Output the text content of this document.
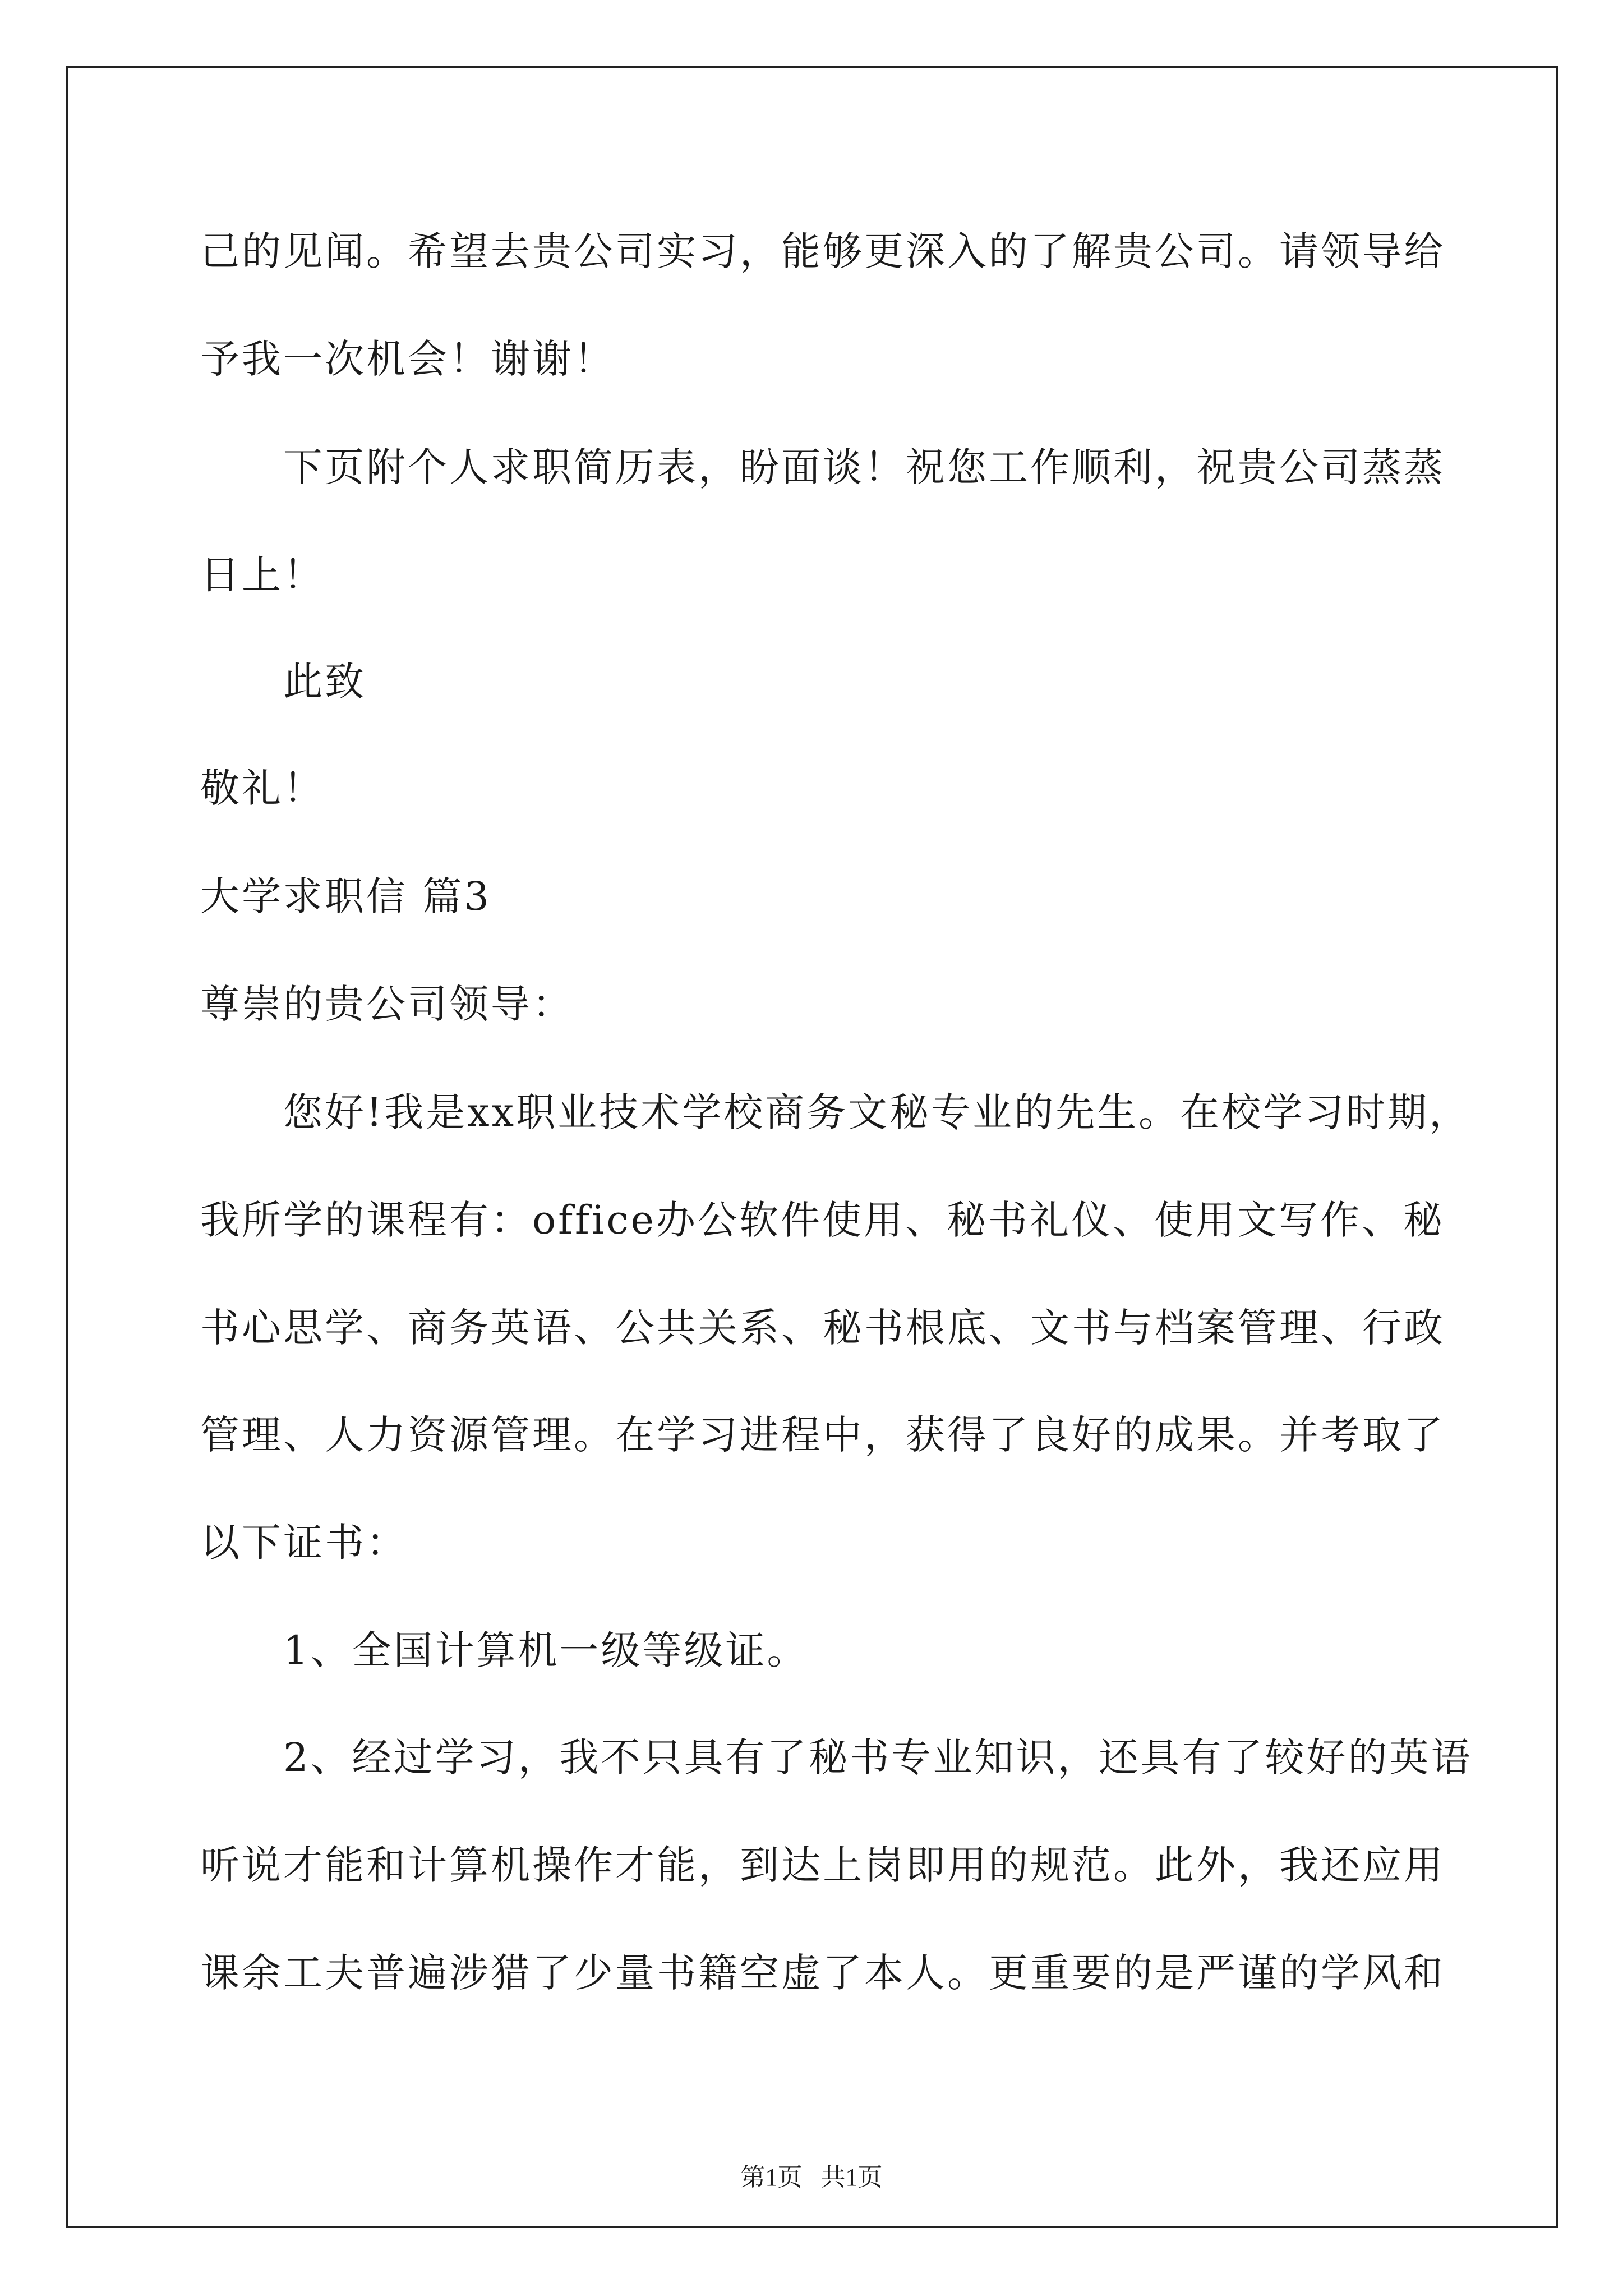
己的见闻。希望去贵公司实习，能够更深入的了解贵公司。请领导给
予我一次机会！谢谢！
下页附个人求职简历表，盼面谈！祝您工作顺利，祝贵公司蒸蒸
日上！
此致
敬礼！
大学求职信 篇3
尊崇的贵公司领导：
您好!我是xx职业技术学校商务文秘专业的先生。在校学习时期，
我所学的课程有：office办公软件使用、秘书礼仪、使用文写作、秘
书心思学、商务英语、公共关系、秘书根底、文书与档案管理、行政
管理、人力资源管理。在学习进程中，获得了良好的成果。并考取了
以下证书：
1、全国计算机一级等级证。
2、经过学习，我不只具有了秘书专业知识，还具有了较好的英语
听说才能和计算机操作才能，到达上岗即用的规范。此外，我还应用
课余工夫普遍涉猎了少量书籍空虚了本人。更重要的是严谨的学风和
第1页   共1页
